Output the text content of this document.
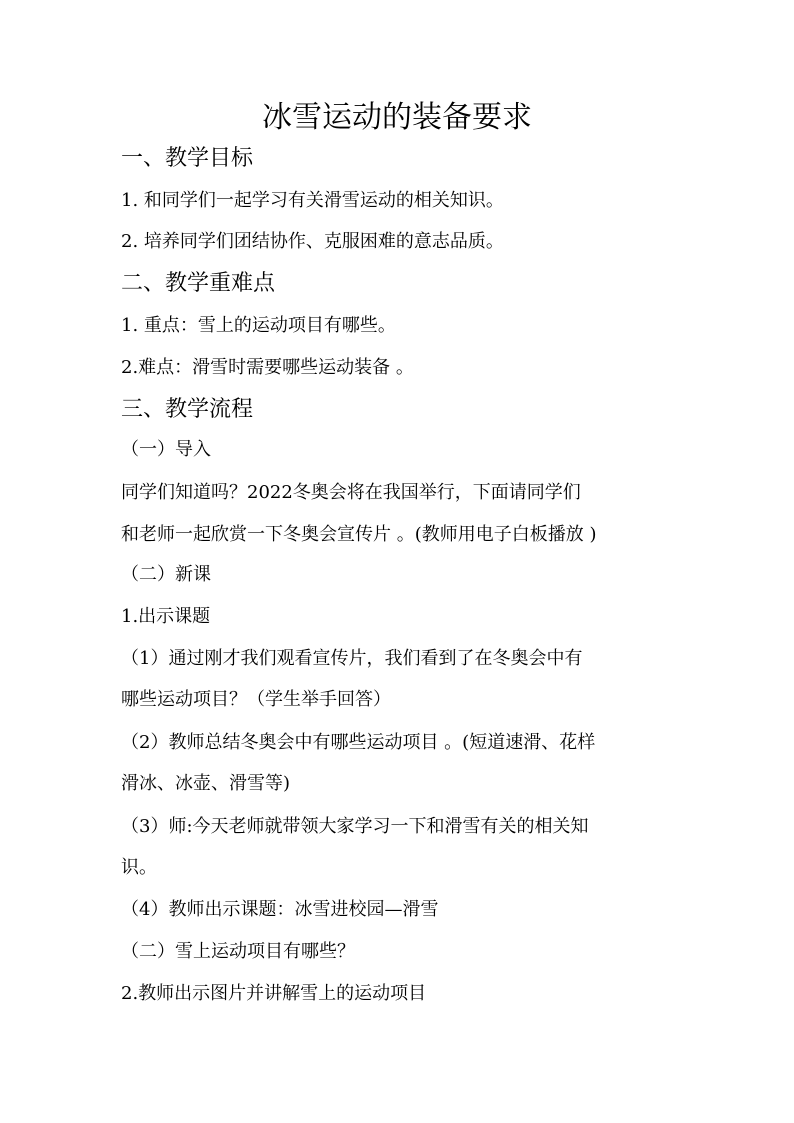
冰雪运动的装备要求
一、教学目标
1. 和同学们一起学习有关滑雪运动的相关知识。
2. 培养同学们团结协作、克服困难的意志品质。
二、教学重难点
1. 重点：雪上的运动项目有哪些。
2.难点：滑雪时需要哪些运动装备 。
三、教学流程
（一）导入
同学们知道吗？2022冬奥会将在我国举行，下面请同学们
和老师一起欣赏一下冬奥会宣传片 。(教师用电子白板播放 )
（二）新课
1.出示课题
（1）通过刚才我们观看宣传片，我们看到了在冬奥会中有
哪些运动项目？（学生举手回答）
（2）教师总结冬奥会中有哪些运动项目 。(短道速滑、花样
滑冰、冰壶、滑雪等)
（3）师:今天老师就带领大家学习一下和滑雪有关的相关知
识。
（4）教师出示课题：冰雪进校园—滑雪
（二）雪上运动项目有哪些？
2.教师出示图片并讲解雪上的运动项目
